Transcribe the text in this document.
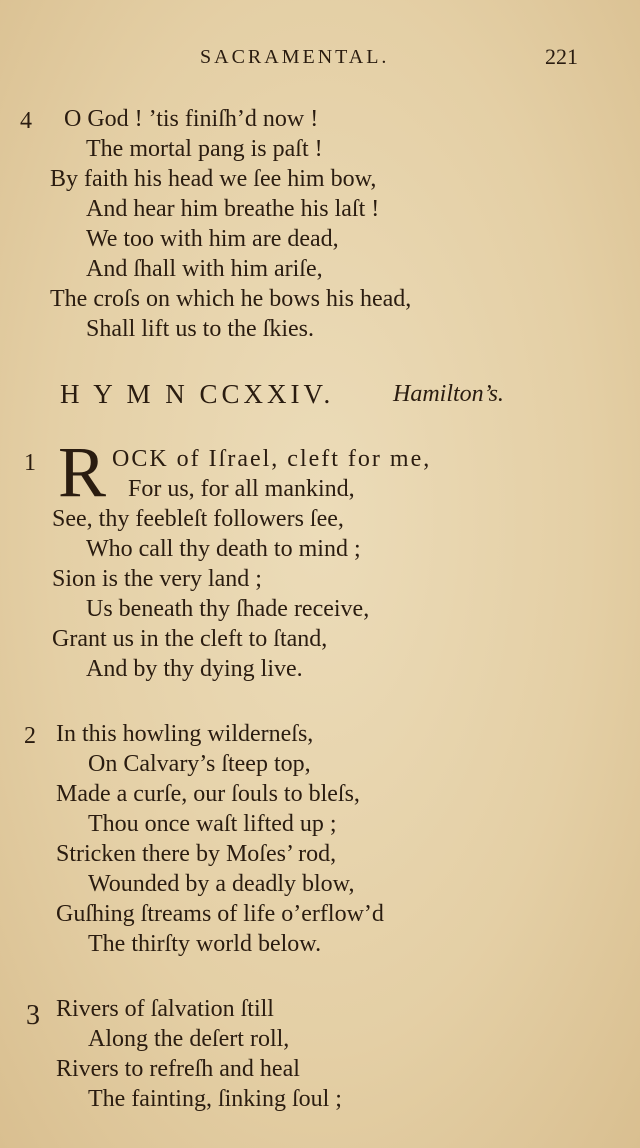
SACRAMENTAL.	221
4 O God ! ’tis finiſh’d now !
The mortal pang is paſt !
By faith his head we ſee him bow,
And hear him breathe his laſt !
We too with him are dead,
And ſhall with him ariſe,
The croſs on which he bows his head,
Shall lift us to the ſkies.
H Y M N CCXXIV. Hamilton’s.
1 R OCK of Iſrael, cleft for me,
For us, for all mankind,
See, thy feebleſt followers ſee,
Who call thy death to mind ;
Sion is the very land ;
Us beneath thy ſhade receive,
Grant us in the cleft to ſtand,
And by thy dying live.
2 In this howling wilderneſs,
On Calvary’s ſteep top,
Made a curſe, our ſouls to bleſs,
Thou once waſt lifted up ;
Stricken there by Moſes’ rod,
Wounded by a deadly blow,
Guſhing ſtreams of life o’erflow’d
The thirſty world below.
3 Rivers of ſalvation ſtill
Along the deſert roll,
Rivers to refreſh and heal
The fainting, ſinking ſoul ;
